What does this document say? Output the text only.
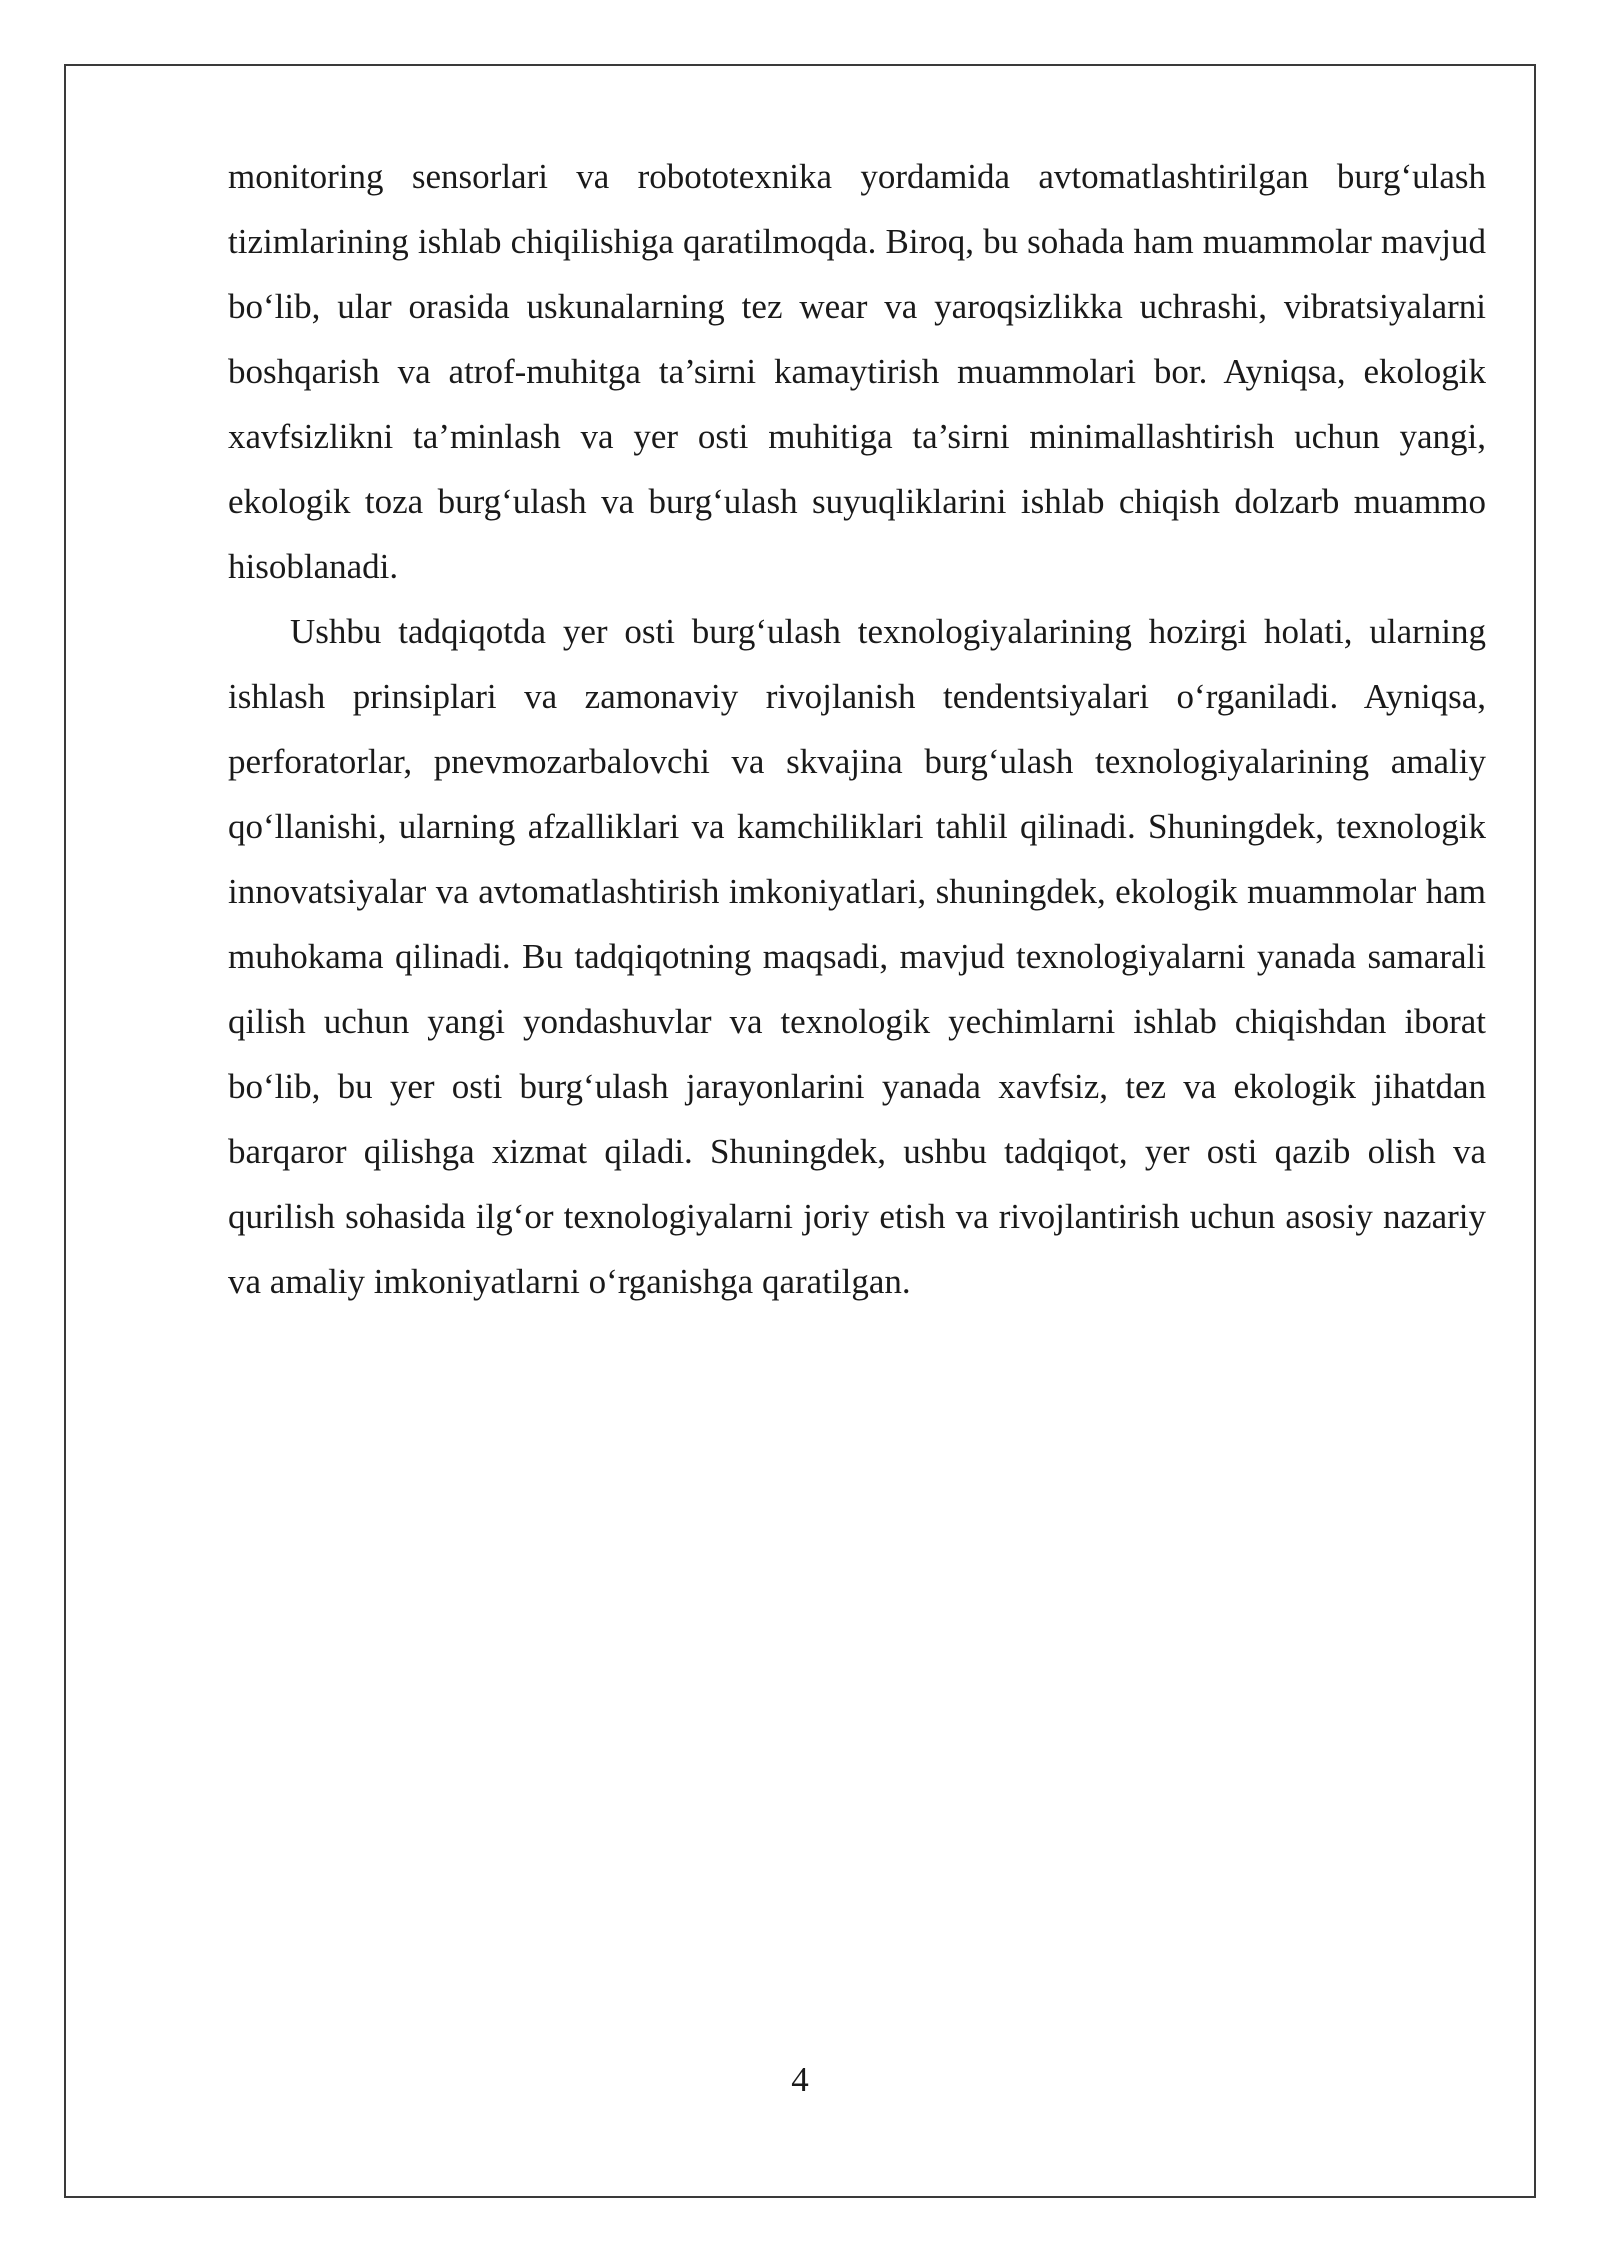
monitoring sensorlari va robototexnika yordamida avtomatlashtirilgan burg‘ulash tizimlarining ishlab chiqilishiga qaratilmoqda. Biroq, bu sohada ham muammolar mavjud bo‘lib, ular orasida uskunalarning tez wear va yaroqsizlikka uchrashi, vibratsiyalarni boshqarish va atrof-muhitga ta’sirni kamaytirish muammolari bor. Ayniqsa, ekologik xavfsizlikni ta’minlash va yer osti muhitiga ta’sirni minimallashtirish uchun yangi, ekologik toza burg‘ulash va burg‘ulash suyuqliklarini ishlab chiqish dolzarb muammo hisoblanadi.

Ushbu tadqiqotda yer osti burg‘ulash texnologiyalarining hozirgi holati, ularning ishlash prinsiplari va zamonaviy rivojlanish tendentsiyalari o‘rganiladi. Ayniqsa, perforatorlar, pnevmozarbalovchi va skvajina burg‘ulash texnologiyalarining amaliy qo‘llanishi, ularning afzalliklari va kamchiliklari tahlil qilinadi. Shuningdek, texnologik innovatsiyalar va avtomatlashtirish imkoniyatlari, shuningdek, ekologik muammolar ham muhokama qilinadi. Bu tadqiqotning maqsadi, mavjud texnologiyalarni yanada samarali qilish uchun yangi yondashuvlar va texnologik yechimlarni ishlab chiqishdan iborat bo‘lib, bu yer osti burg‘ulash jarayonlarini yanada xavfsiz, tez va ekologik jihatdan barqaror qilishga xizmat qiladi. Shuningdek, ushbu tadqiqot, yer osti qazib olish va qurilish sohasida ilg‘or texnologiyalarni joriy etish va rivojlantirish uchun asosiy nazariy va amaliy imkoniyatlarni o‘rganishga qaratilgan.

4
